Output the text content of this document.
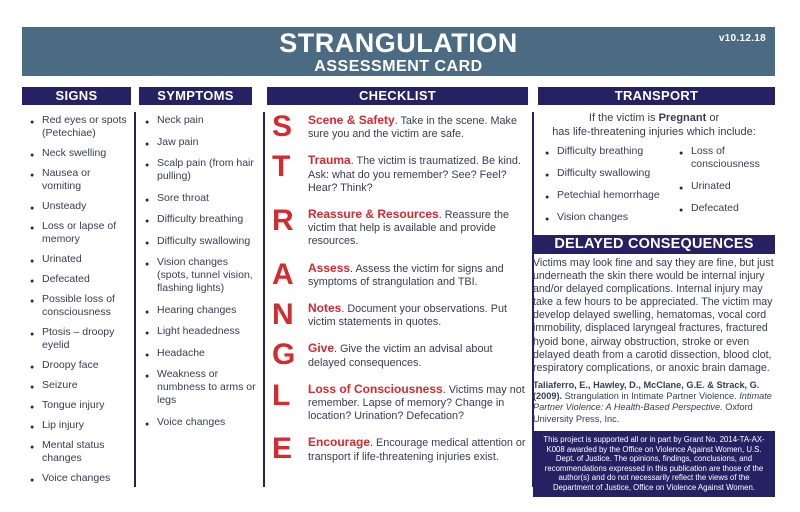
v10.12.18
STRANGULATION
ASSESSMENT CARD
SIGNS	SYMPTOMS	CHECKLIST	TRANSPORT
● Red eyes or spots (Petechiae)
● Neck swelling
● Nausea or vomiting
● Unsteady
● Loss or lapse of memory
● Urinated
● Defecated
● Possible loss of consciousness
● Ptosis – droopy eyelid
● Droopy face
● Seizure
● Tongue injury
● Lip injury
● Mental status changes
● Voice changes
● Neck pain
● Jaw pain
● Scalp pain (from hair pulling)
● Sore throat
● Difficulty breathing
● Difficulty swallowing
● Vision changes (spots, tunnel vision, flashing lights)
● Hearing changes
● Light headedness
● Headache
● Weakness or numbness to arms or legs
● Voice changes
S	Scene & Safety. Take in the scene. Make sure you and the victim are safe.
T	Trauma. The victim is traumatized. Be kind. Ask: what do you remember? See? Feel? Hear? Think?
R	Reassure & Resources. Reassure the victim that help is available and provide resources.
A	Assess. Assess the victim for signs and symptoms of strangulation and TBI.
N	Notes. Document your observations. Put victim statements in quotes.
G	Give. Give the victim an advisal about delayed consequences.
L	Loss of Consciousness. Victims may not remember. Lapse of memory? Change in location? Urination? Defecation?
E	Encourage. Encourage medical attention or transport if life-threatening injuries exist.
If the victim is Pregnant or
has life-threatening injuries which include:
● Difficulty breathing
● Difficulty swallowing
● Petechial hemorrhage
● Vision changes
● Loss of consciousness
● Urinated
● Defecated
DELAYED CONSEQUENCES
Victims may look fine and say they are fine, but just underneath the skin there would be internal injury and/or delayed complications. Internal injury may take a few hours to be appreciated. The victim may develop delayed swelling, hematomas, vocal cord immobility, displaced laryngeal fractures, fractured hyoid bone, airway obstruction, stroke or even delayed death from a carotid dissection, blood clot, respiratory complications, or anoxic brain damage.
Taliaferro, E., Hawley, D., McClane, G.E. & Strack, G. (2009). Strangulation in Intimate Partner Violence. Intimate Partner Violence: A Health-Based Perspective. Oxford University Press, Inc.
This project is supported all or in part by Grant No. 2014-TA-AX-K008 awarded by the Office on Violence Against Women, U.S. Dept. of Justice. The opinions, findings, conclusions, and recommendations expressed in this publication are those of the author(s) and do not necessarily reflect the views of the Department of Justice, Office on Violence Against Women.
